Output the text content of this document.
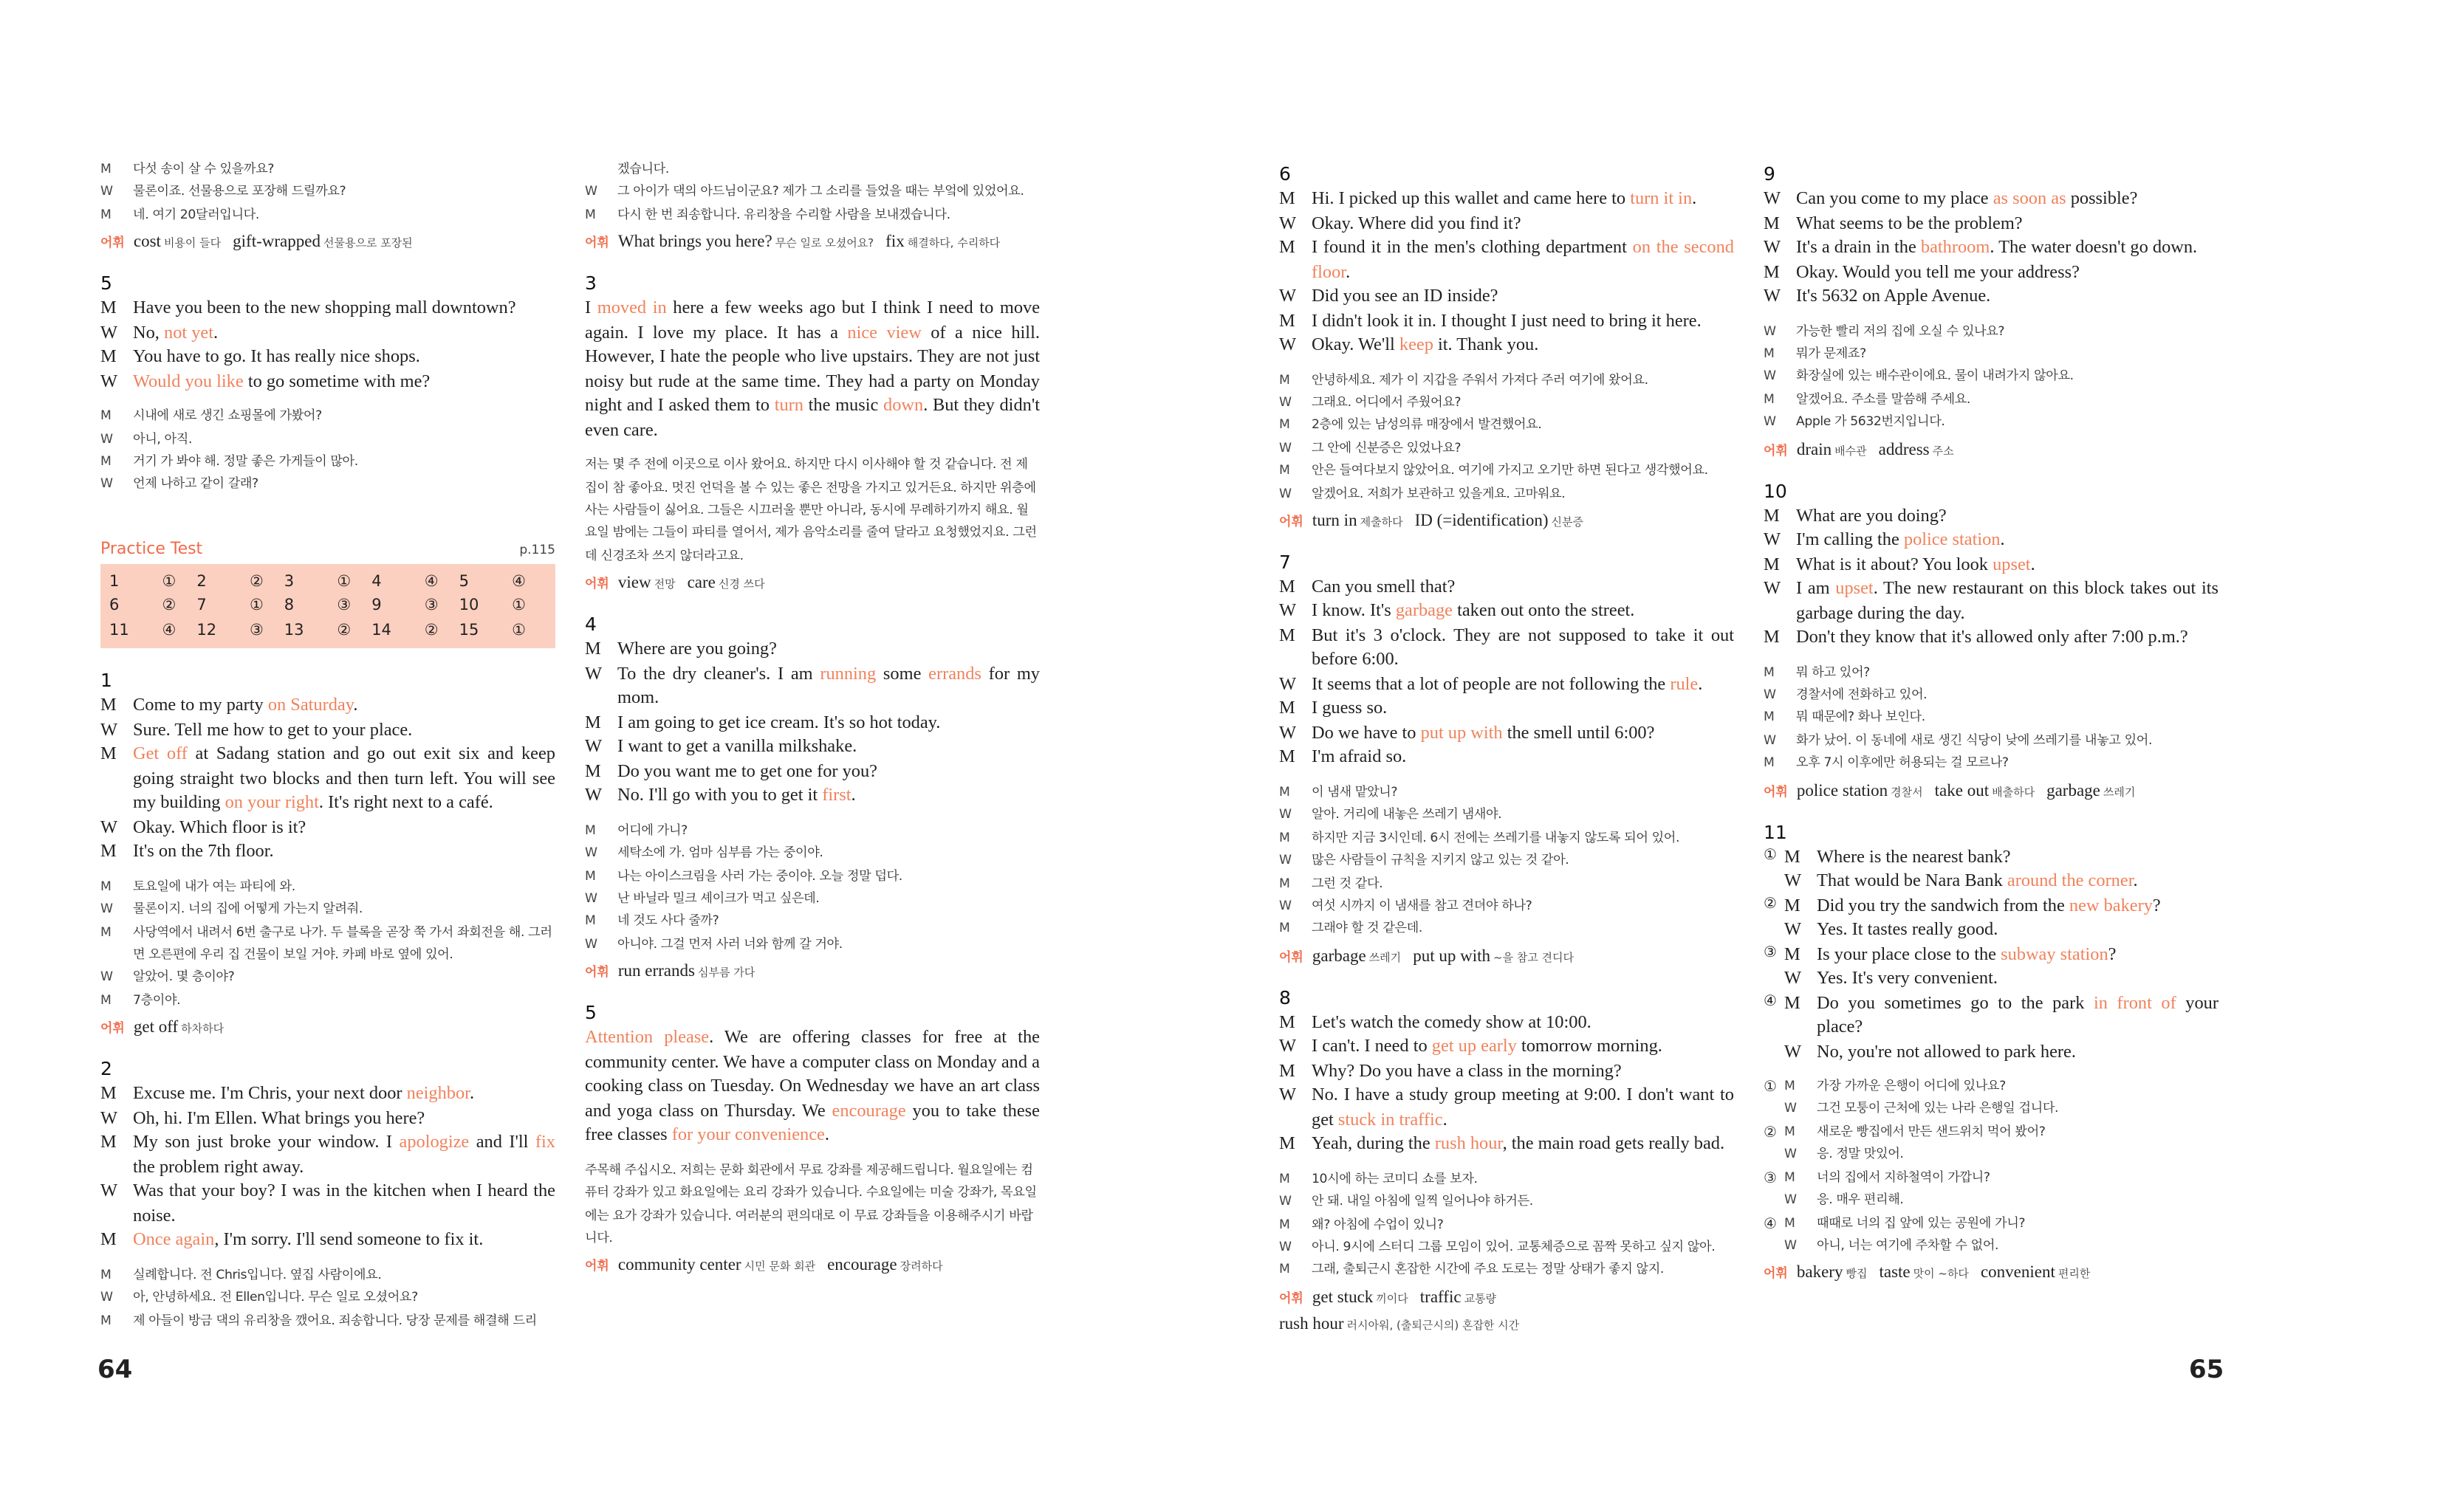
M	다섯 송이 살 수 있을까요?
W	물론이죠. 선물용으로 포장해 드릴까요?
M	네. 여기 20달러입니다.
어휘 cost 비용이 들다 gift-wrapped 선물용으로 포장된
5
M	Have you been to the new shopping mall downtown?
W	No, not yet.
M	You have to go. It has really nice shops.
W	Would you like to go sometime with me?
M	시내에 새로 생긴 쇼핑몰에 가봤어?
W	아니, 아직.
M	거기 가 봐야 해. 정말 좋은 가게들이 많아.
W	언제 나하고 같이 갈래?
Practice Test	p.115
1	①	2	②	3	①	4	④	5	④
6	②	7	①	8	③	9	③	10	①
11	④	12	③	13	②	14	②	15	①
1
M	Come to my party on Saturday.
W	Sure. Tell me how to get to your place.
M	Get off at Sadang station and go out exit six and keep going straight two blocks and then turn left. You will see my building on your right. It's right next to a café.
W	Okay. Which floor is it?
M	It's on the 7th floor.
M	토요일에 내가 여는 파티에 와.
W	물론이지. 너의 집에 어떻게 가는지 알려줘.
M	사당역에서 내려서 6번 출구로 나가. 두 블록을 곧장 쭉 가서 좌회전을 해. 그러면 오른편에 우리 집 건물이 보일 거야. 카페 바로 옆에 있어.
W	알았어. 몇 층이야?
M	7층이야.
어휘 get off 하차하다
2
M	Excuse me. I'm Chris, your next door neighbor.
W	Oh, hi. I'm Ellen. What brings you here?
M	My son just broke your window. I apologize and I'll fix the problem right away.
W	Was that your boy? I was in the kitchen when I heard the noise.
M	Once again, I'm sorry. I'll send someone to fix it.
M	실례합니다. 전 Chris입니다. 옆집 사람이에요.
W	아, 안녕하세요. 전 Ellen입니다. 무슨 일로 오셨어요?
M	제 아들이 방금 댁의 유리창을 깼어요. 죄송합니다. 당장 문제를 해결해 드리
겠습니다.
W	그 아이가 댁의 아드님이군요? 제가 그 소리를 들었을 때는 부엌에 있었어요.
M	다시 한 번 죄송합니다. 유리창을 수리할 사람을 보내겠습니다.
어휘 What brings you here? 무슨 일로 오셨어요? fix 해결하다, 수리하다
3
I moved in here a few weeks ago but I think I need to move again. I love my place. It has a nice view of a nice hill. However, I hate the people who live upstairs. They are not just noisy but rude at the same time. They had a party on Monday night and I asked them to turn the music down. But they didn't even care.
저는 몇 주 전에 이곳으로 이사 왔어요. 하지만 다시 이사해야 할 것 같습니다. 전 제 집이 참 좋아요. 멋진 언덕을 볼 수 있는 좋은 전망을 가지고 있거든요. 하지만 위층에 사는 사람들이 싫어요. 그들은 시끄러울 뿐만 아니라, 동시에 무례하기까지 해요. 월요일 밤에는 그들이 파티를 열어서, 제가 음악소리를 줄여 달라고 요청했었지요. 그런데 신경조차 쓰지 않더라고요.
어휘 view 전망 care 신경 쓰다
4
M	Where are you going?
W	To the dry cleaner's. I am running some errands for my mom.
M	I am going to get ice cream. It's so hot today.
W	I want to get a vanilla milkshake.
M	Do you want me to get one for you?
W	No. I'll go with you to get it first.
M	어디에 가니?
W	세탁소에 가. 엄마 심부름 가는 중이야.
M	나는 아이스크림을 사러 가는 중이야. 오늘 정말 덥다.
W	난 바닐라 밀크 셰이크가 먹고 싶은데.
M	네 것도 사다 줄까?
W	아니야. 그걸 먼저 사러 너와 함께 갈 거야.
어휘 run errands 심부름 가다
5
Attention please. We are offering classes for free at the community center. We have a computer class on Monday and a cooking class on Tuesday. On Wednesday we have an art class and yoga class on Thursday. We encourage you to take these free classes for your convenience.
주목해 주십시오. 저희는 문화 회관에서 무료 강좌를 제공해드립니다. 월요일에는 컴퓨터 강좌가 있고 화요일에는 요리 강좌가 있습니다. 수요일에는 미술 강좌가, 목요일에는 요가 강좌가 있습니다. 여러분의 편의대로 이 무료 강좌들을 이용해주시기 바랍니다.
어휘 community center 시민 문화 회관 encourage 장려하다
6
M	Hi. I picked up this wallet and came here to turn it in.
W	Okay. Where did you find it?
M	I found it in the men's clothing department on the second floor.
W	Did you see an ID inside?
M	I didn't look it in. I thought I just need to bring it here.
W	Okay. We'll keep it. Thank you.
M	안녕하세요. 제가 이 지갑을 주워서 가져다 주러 여기에 왔어요.
W	그래요. 어디에서 주웠어요?
M	2층에 있는 남성의류 매장에서 발견했어요.
W	그 안에 신분증은 있었나요?
M	안은 들여다보지 않았어요. 여기에 가지고 오기만 하면 된다고 생각했어요.
W	알겠어요. 저희가 보관하고 있을게요. 고마워요.
어휘 turn in 제출하다 ID (=identification) 신분증
7
M	Can you smell that?
W	I know. It's garbage taken out onto the street.
M	But it's 3 o'clock. They are not supposed to take it out before 6:00.
W	It seems that a lot of people are not following the rule.
M	I guess so.
W	Do we have to put up with the smell until 6:00?
M	I'm afraid so.
M	이 냄새 맡았니?
W	알아. 거리에 내놓은 쓰레기 냄새야.
M	하지만 지금 3시인데. 6시 전에는 쓰레기를 내놓지 않도록 되어 있어.
W	많은 사람들이 규칙을 지키지 않고 있는 것 같아.
M	그런 것 같다.
W	여섯 시까지 이 냄새를 참고 견뎌야 하나?
M	그래야 할 것 같은데.
어휘 garbage 쓰레기 put up with ~을 참고 견디다
8
M	Let's watch the comedy show at 10:00.
W	I can't. I need to get up early tomorrow morning.
M	Why? Do you have a class in the morning?
W	No. I have a study group meeting at 9:00. I don't want to get stuck in traffic.
M	Yeah, during the rush hour, the main road gets really bad.
M	10시에 하는 코미디 쇼를 보자.
W	안 돼. 내일 아침에 일찍 일어나야 하거든.
M	왜? 아침에 수업이 있니?
W	아니. 9시에 스터디 그룹 모임이 있어. 교통체증으로 꼼짝 못하고 싶지 않아.
M	그래, 출퇴근시 혼잡한 시간에 주요 도로는 정말 상태가 좋지 않지.
어휘 get stuck 끼이다 traffic 교통량
rush hour 러시아워, (출퇴근시의) 혼잡한 시간
9
W	Can you come to my place as soon as possible?
M	What seems to be the problem?
W	It's a drain in the bathroom. The water doesn't go down.
M	Okay. Would you tell me your address?
W	It's 5632 on Apple Avenue.
W	가능한 빨리 저의 집에 오실 수 있나요?
M	뭐가 문제죠?
W	화장실에 있는 배수관이에요. 물이 내려가지 않아요.
M	알겠어요. 주소를 말씀해 주세요.
W	Apple 가 5632번지입니다.
어휘 drain 배수관 address 주소
10
M	What are you doing?
W	I'm calling the police station.
M	What is it about? You look upset.
W	I am upset. The new restaurant on this block takes out its garbage during the day.
M	Don't they know that it's allowed only after 7:00 p.m.?
M	뭐 하고 있어?
W	경찰서에 전화하고 있어.
M	뭐 때문에? 화나 보인다.
W	화가 났어. 이 동네에 새로 생긴 식당이 낮에 쓰레기를 내놓고 있어.
M	오후 7시 이후에만 허용되는 걸 모르나?
어휘 police station 경찰서 take out 배출하다 garbage 쓰레기
11
① M	Where is the nearest bank?
W	That would be Nara Bank around the corner.
② M	Did you try the sandwich from the new bakery?
W	Yes. It tastes really good.
③ M	Is your place close to the subway station?
W	Yes. It's very convenient.
④ M	Do you sometimes go to the park in front of your place?
W	No, you're not allowed to park here.
①	M	가장 가까운 은행이 어디에 있나요?
W	그건 모퉁이 근처에 있는 나라 은행일 겁니다.
②	M	새로운 빵집에서 만든 샌드위치 먹어 봤어?
W	응. 정말 맛있어.
③	M	너의 집에서 지하철역이 가깝니?
W	응. 매우 편리해.
④	M	때때로 너의 집 앞에 있는 공원에 가니?
W	아니, 너는 여기에 주차할 수 없어.
어휘 bakery 빵집 taste 맛이 ~하다 convenient 편리한
64	65
